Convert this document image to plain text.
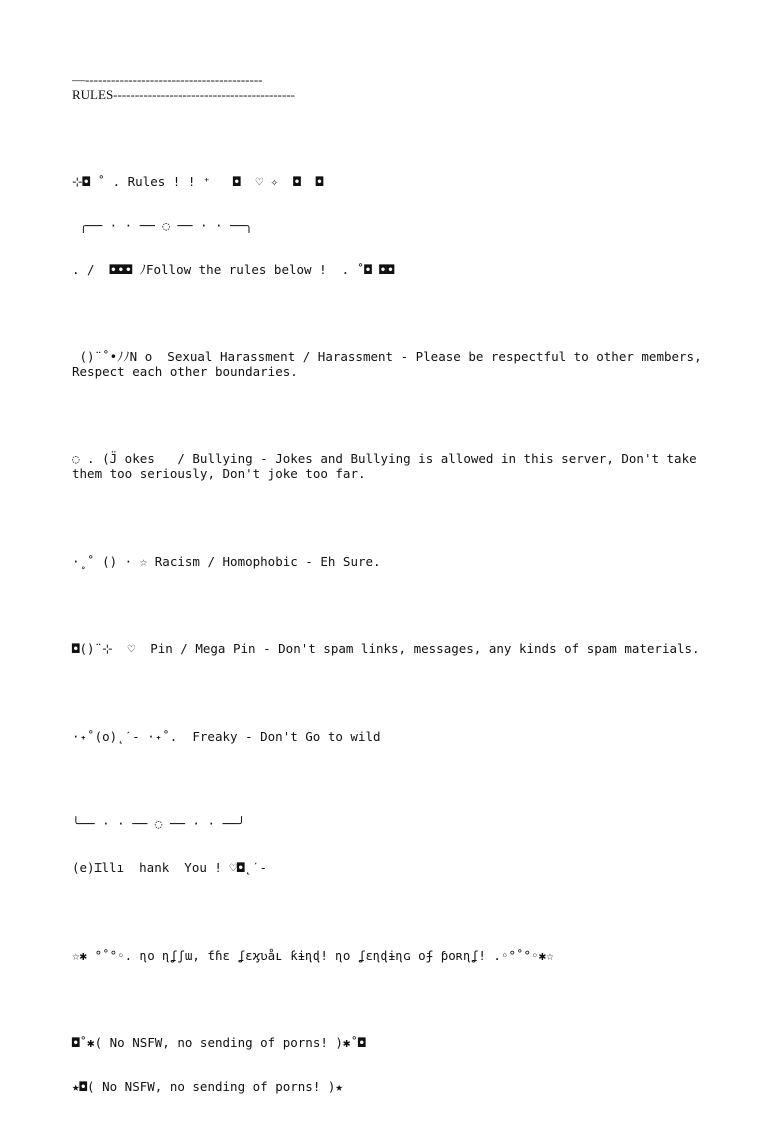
—-----------------------------------------
RULES------------------------------------------

⊹◘ ˚ . Rules ! ! ⁺   ◘  ♡ ✧  ◘  ◘

╭── · · ── ◌ ── · · ──╮

. /  ◘◘◘ ﾉFollow the rules below !  . ˚◘ ◘◘

()̈ ˚•ﾉﾉN o  Sexual Harassment / Harassment - Please be respectful to other members, Respect each other boundaries.

◌ . (J̈ okes   / Bullying - Jokes and Bullying is allowed in this server, Don't take them too seriously, Don't joke too far.

·˳˚ () · ☆ Racism / Homophobic - Eh Sure.

◘()̈ ⊹  ♡  Pin / Mega Pin - Don't spam links, messages, any kinds of spam materials.

·˖˚(o)˛ˊ- ·˖˚.  Freaky - Don't Go to wild

╰── · · ── ◌ ── · · ──╯

(e)Ɪllı  hank  You ! ♡◘˛ˊ-

☆✱ °˚°◦. ɳo ɳʆʃɯ, ƭɦɛ ʆɛϗʋåʟ ƙɨɳɖ! ɳo ʆɛɳɖɨɳɢ oʄ ƥoʀɳʆ! .◦°˚°◦✱☆

◘˚✱( No NSFW, no sending of porns! )✱˚◘

★◘( No NSFW, no sending of porns! )★
